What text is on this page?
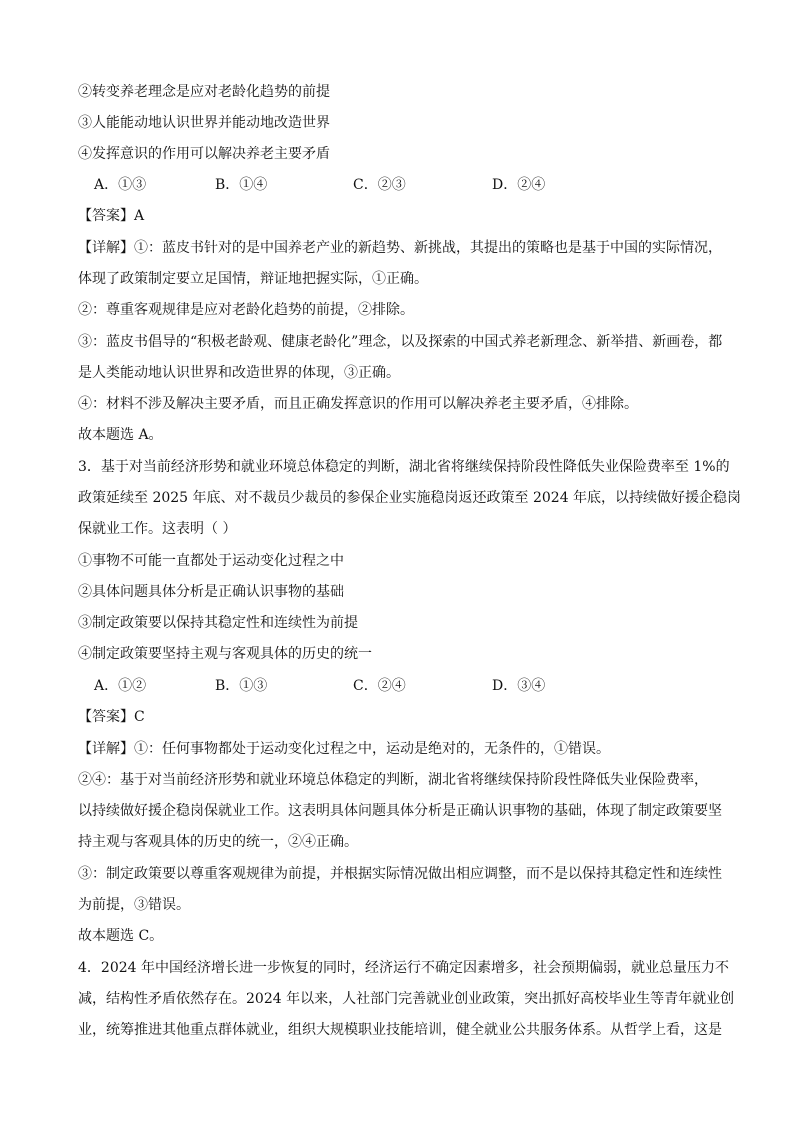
②转变养老理念是应对老龄化趋势的前提
③人能能动地认识世界并能动地改造世界
④发挥意识的作用可以解决养老主要矛盾
A．①③	B．①④	C．②③	D．②④
【答案】A
【详解】①：蓝皮书针对的是中国养老产业的新趋势、新挑战，其提出的策略也是基于中国的实际情况，
体现了政策制定要立足国情，辩证地把握实际，①正确。
②：尊重客观规律是应对老龄化趋势的前提，②排除。
③：蓝皮书倡导的“积极老龄观、健康老龄化”理念，以及探索的中国式养老新理念、新举措、新画卷，都
是人类能动地认识世界和改造世界的体现，③正确。
④：材料不涉及解决主要矛盾，而且正确发挥意识的作用可以解决养老主要矛盾，④排除。
故本题选 A。
3．基于对当前经济形势和就业环境总体稳定的判断，湖北省将继续保持阶段性降低失业保险费率至 1%的
政策延续至 2025 年底、对不裁员少裁员的参保企业实施稳岗返还政策至 2024 年底，以持续做好援企稳岗
保就业工作。这表明（ ）
①事物不可能一直都处于运动变化过程之中
②具体问题具体分析是正确认识事物的基础
③制定政策要以保持其稳定性和连续性为前提
④制定政策要坚持主观与客观具体的历史的统一
A．①②	B．①③	C．②④	D．③④
【答案】C
【详解】①：任何事物都处于运动变化过程之中，运动是绝对的，无条件的，①错误。
②④：基于对当前经济形势和就业环境总体稳定的判断，湖北省将继续保持阶段性降低失业保险费率，
以持续做好援企稳岗保就业工作。这表明具体问题具体分析是正确认识事物的基础，体现了制定政策要坚
持主观与客观具体的历史的统一，②④正确。
③：制定政策要以尊重客观规律为前提，并根据实际情况做出相应调整，而不是以保持其稳定性和连续性
为前提，③错误。
故本题选 C。
4．2024 年中国经济增长进一步恢复的同时，经济运行不确定因素增多，社会预期偏弱，就业总量压力不
减，结构性矛盾依然存在。2024 年以来，人社部门完善就业创业政策，突出抓好高校毕业生等青年就业创
业，统筹推进其他重点群体就业，组织大规模职业技能培训，健全就业公共服务体系。从哲学上看，这是
